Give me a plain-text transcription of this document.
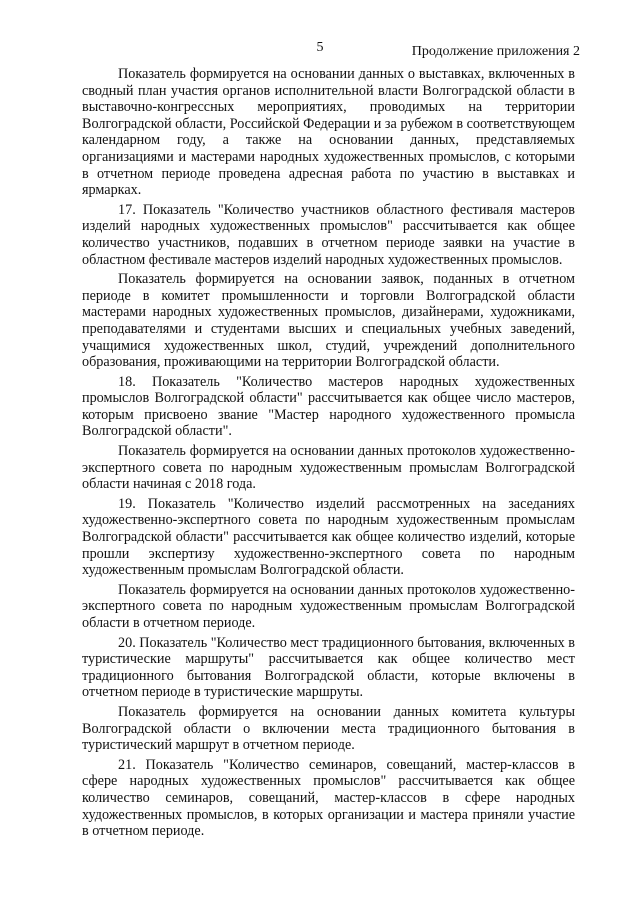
5	Продолжение приложения 2

Показатель формируется на основании данных о выставках, включенных в сводный план участия органов исполнительной власти Волгоградской области в выставочно-конгрессных мероприятиях, проводимых на территории Волгоградской области, Российской Федерации и за рубежом в соответствующем календарном году, а также на основании данных, представляемых организациями и мастерами народных художественных промыслов, с которыми в отчетном периоде проведена адресная работа по участию в выставках и ярмарках.

17. Показатель "Количество участников областного фестиваля мастеров изделий народных художественных промыслов" рассчитывается как общее количество участников, подавших в отчетном периоде заявки на участие в областном фестивале мастеров изделий народных художественных промыслов.

Показатель формируется на основании заявок, поданных в отчетном периоде в комитет промышленности и торговли Волгоградской области мастерами народных художественных промыслов, дизайнерами, художниками, преподавателями и студентами высших и специальных учебных заведений, учащимися художественных школ, студий, учреждений дополнительного образования, проживающими на территории Волгоградской области.

18. Показатель "Количество мастеров народных художественных промыслов Волгоградской области" рассчитывается как общее число мастеров, которым присвоено звание "Мастер народного художественного промысла Волгоградской области".

Показатель формируется на основании данных протоколов художественно-экспертного совета по народным художественным промыслам Волгоградской области начиная с 2018 года.

19. Показатель "Количество изделий рассмотренных на заседаниях художественно-экспертного совета по народным художественным промыслам Волгоградской области" рассчитывается как общее количество изделий, которые прошли экспертизу художественно-экспертного совета по народным художественным промыслам Волгоградской области.

Показатель формируется на основании данных протоколов художественно-экспертного совета по народным художественным промыслам Волгоградской области в отчетном периоде.

20. Показатель "Количество мест традиционного бытования, включенных в туристические маршруты" рассчитывается как общее количество мест традиционного бытования Волгоградской области, которые включены в отчетном периоде в туристические маршруты.

Показатель формируется на основании данных комитета культуры Волгоградской области о включении места традиционного бытования в туристический маршрут в отчетном периоде.

21. Показатель "Количество семинаров, совещаний, мастер-классов в сфере народных художественных промыслов" рассчитывается как общее количество семинаров, совещаний, мастер-классов в сфере народных художественных промыслов, в которых организации и мастера приняли участие в отчетном периоде.
